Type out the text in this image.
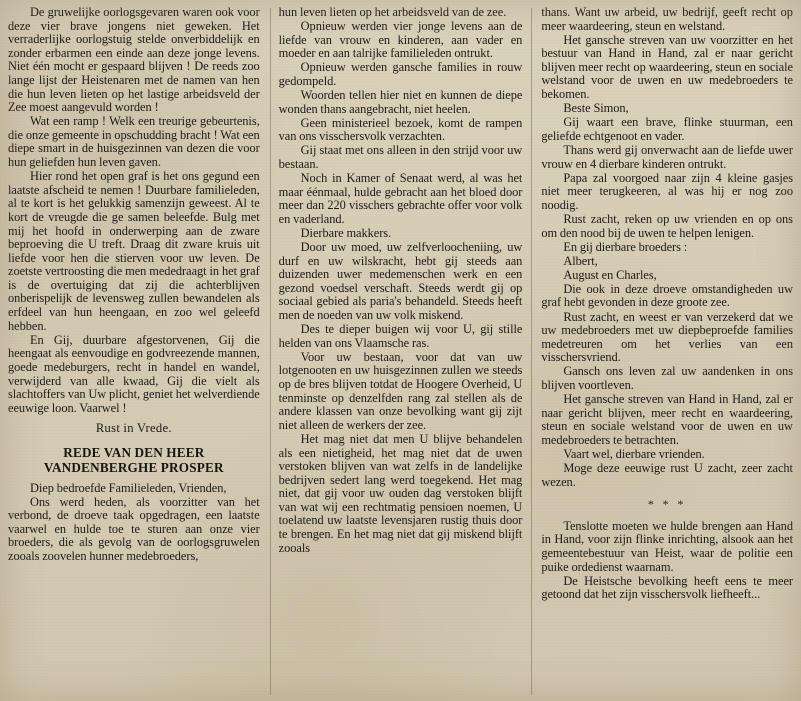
De gruwelijke oorlogsgevaren waren ook voor deze vier brave jongens niet geweken. Het verraderlijke oorlogstuig stelde onverbiddelijk en zonder erbarmen een einde aan deze jonge levens. Niet één mocht er gespaard blijven ! De reeds zoo lange lijst der Heistenaren met de namen van hen die hun leven lieten op het lastige arbeidsveld der Zee moest aangevuld worden !

Wat een ramp ! Welk een treurige gebeurtenis, die onze gemeente in opschudding bracht ! Wat een diepe smart in de huisgezinnen van dezen die voor hun geliefden hun leven gaven.

Hier rond het open graf is het ons gegund een laatste afscheid te nemen ! Duurbare familieleden, al te kort is het gelukkig samenzijn geweest. Al te kort de vreugde die ge samen beleefde. Bulg met mij het hoofd in onderwerping aan de zware beproeving die U treft. Draag dit zware kruis uit liefde voor hen die stierven voor uw leven. De zoetste vertroosting die men mededraagt in het graf is de overtuiging dat zij die achterblijven onberispelijk de levensweg zullen bewandelen als erfdeel van hun heengaan, en zoo wel geleefd hebben.

En Gij, duurbare afgestorvenen, Gij die heengaat als eenvoudige en godvreezende mannen, goede medeburgers, recht in handel en wandel, verwijderd van alle kwaad, Gij die vielt als slachtoffers van Uw plicht, geniet het welverdiende eeuwige loon. Vaarwel !

Rust in Vrede.

REDE VAN DEN HEER VANDENBERGHE PROSPER

Diep bedroefde Familieleden, Vrienden,

Ons werd heden, als voorzitter van het verbond, de droeve taak opgedragen, een laatste vaarwel en hulde toe te sturen aan onze vier broeders, die als gevolg van de oorlogsgruwelen zooals zoovelen hunner medebroeders,

hun leven lieten op het arbeidsveld van de zee.

Opnieuw werden vier jonge levens aan de liefde van vrouw en kinderen, aan vader en moeder en aan talrijke familieleden ontrukt.

Opnieuw werden gansche families in rouw gedompeld.

Woorden tellen hier niet en kunnen de diepe wonden thans aangebracht, niet heelen.

Geen ministerieel bezoek, komt de rampen van ons visschersvolk verzachten.

Gij staat met ons alleen in den strijd voor uw bestaan.

Noch in Kamer of Senaat werd, al was het maar éénmaal, hulde gebracht aan het bloed door meer dan 220 visschers gebrachte offer voor volk en vaderland.

Dierbare makkers.

Door uw moed, uw zelfverloocheniing, uw durf en uw wilskracht, hebt gij steeds aan duizenden uwer medemenschen werk en een gezond voedsel verschaft. Steeds werdt gij op sociaal gebied als paria's behandeld. Steeds heeft men de noeden van uw volk miskend.

Des te dieper buigen wij voor U, gij stille helden van ons Vlaamsche ras.

Voor uw bestaan, voor dat van uw lotgenooten en uw huisgezinnen zullen we steeds op de bres blijven totdat de Hoogere Overheid, U tenminste op denzelfden rang zal stellen als de andere klassen van onze bevolking want gij zijt niet alleen de werkers der zee.

Het mag niet dat men U blijve behandelen als een nietigheid, het mag niet dat de uwen verstoken blijven van wat zelfs in de landelijke bedrijven sedert lang werd toegekend. Het mag niet, dat gij voor uw ouden dag verstoken blijft van wat wij een rechtmatig pensioen noemen, U toelatend uw laatste levensjaren rustig thuis door te brengen. En het mag niet dat gij miskend blijft zooals

thans. Want uw arbeid, uw bedrijf, geeft recht op meer waardeering, steun en welstand.

Het gansche streven van uw voorzitter en het bestuur van Hand in Hand, zal er naar gericht blijven meer recht op waardeering, steun en sociale welstand voor de uwen en uw medebroeders te bekomen.

Beste Simon,

Gij waart een brave, flinke stuurman, een geliefde echtgenoot en vader.

Thans werd gij onverwacht aan de liefde uwer vrouw en 4 dierbare kinderen ontrukt.

Papa zal voorgoed naar zijn 4 kleine gasjes niet meer terugkeeren, al was hij er nog zoo noodig.

Rust zacht, reken op uw vrienden en op ons om den nood bij de uwen te helpen lenigen.

En gij dierbare broeders :

Albert,

August en Charles,

Die ook in deze droeve omstandigheden uw graf hebt gevonden in deze groote zee.

Rust zacht, en weest er van verzekerd dat we uw medebroeders met uw diepbeproefde families medetreuren om het verlies van een visschersvriend.

Gansch ons leven zal uw aandenken in ons blijven voortleven.

Het gansche streven van Hand in Hand, zal er naar gericht blijven, meer recht en waardeering, steun en sociale welstand voor de uwen en uw medebroeders te betrachten.

Vaart wel, dierbare vrienden.

Moge deze eeuwige rust U zacht, zeer zacht wezen.

* * *

Tenslotte moeten we hulde brengen aan Hand in Hand, voor zijn flinke inrichting, alsook aan het gemeentebestuur van Heist, waar de politie een puike ordedienst waarnam.

De Heistsche bevolking heeft eens te meer getoond dat het zijn visschersvolk liefheeft...
